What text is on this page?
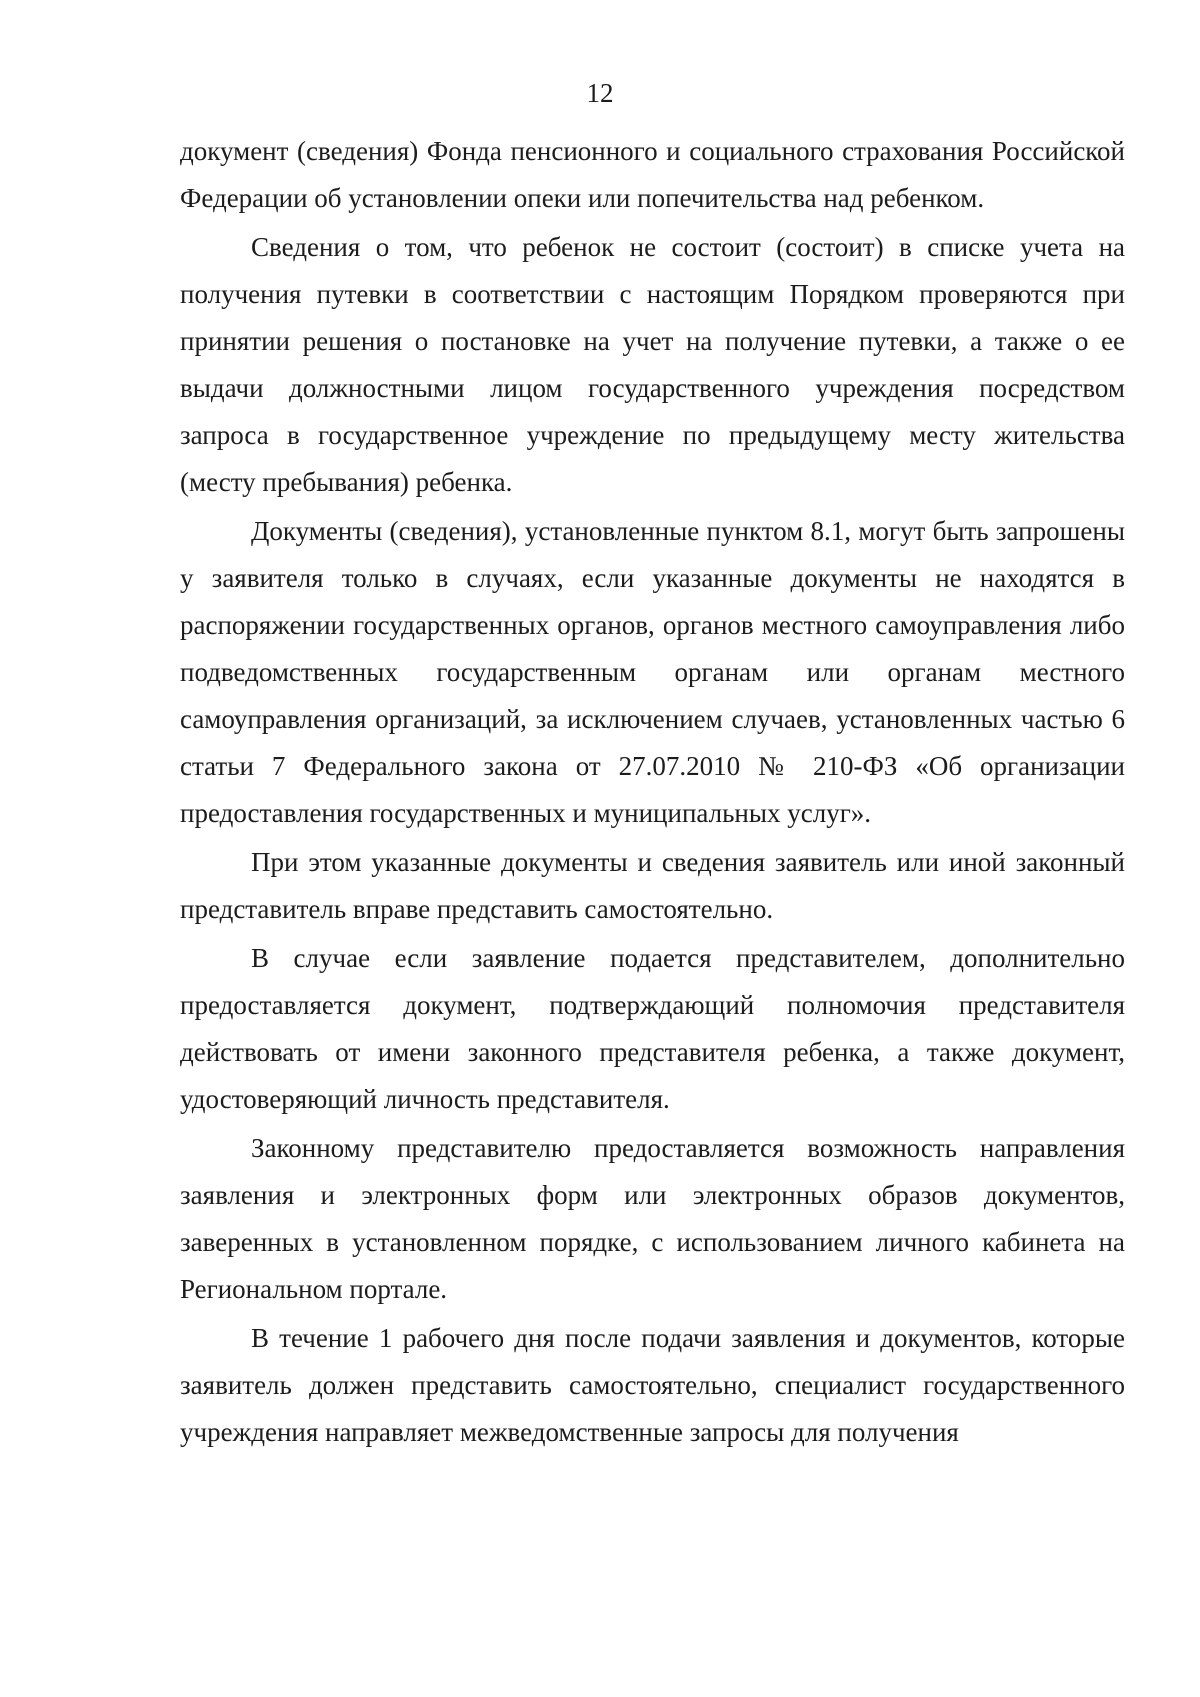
12

документ (сведения) Фонда пенсионного и социального страхования Российской Федерации об установлении опеки или попечительства над ребенком.

Сведения о том, что ребенок не состоит (состоит) в списке учета на получения путевки в соответствии с настоящим Порядком проверяются при принятии решения о постановке на учет на получение путевки, а также о ее выдачи должностными лицом государственного учреждения посредством запроса в государственное учреждение по предыдущему месту жительства (месту пребывания) ребенка.

Документы (сведения), установленные пунктом 8.1, могут быть запрошены у заявителя только в случаях, если указанные документы не находятся в распоряжении государственных органов, органов местного самоуправления либо подведомственных государственным органам или органам местного самоуправления организаций, за исключением случаев, установленных частью 6 статьи 7 Федерального закона от 27.07.2010 № 210-ФЗ «Об организации предоставления государственных и муниципальных услуг».

При этом указанные документы и сведения заявитель или иной законный представитель вправе представить самостоятельно.

В случае если заявление подается представителем, дополнительно предоставляется документ, подтверждающий полномочия представителя действовать от имени законного представителя ребенка, а также документ, удостоверяющий личность представителя.

Законному представителю предоставляется возможность направления заявления и электронных форм или электронных образов документов, заверенных в установленном порядке, с использованием личного кабинета на Региональном портале.

В течение 1 рабочего дня после подачи заявления и документов, которые заявитель должен представить самостоятельно, специалист государственного учреждения направляет межведомственные запросы для получения
